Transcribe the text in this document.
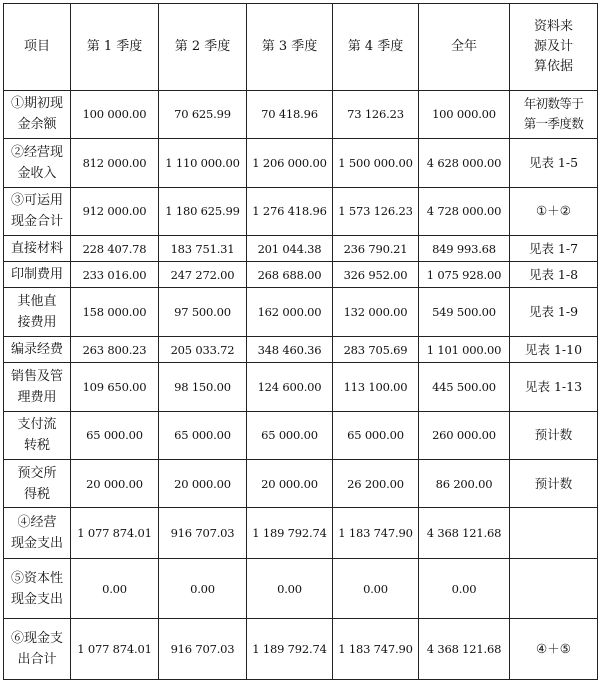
项目	第 1 季度	第 2 季度	第 3 季度	第 4 季度	全年	资料来
源及计
算依据
①期初现
金余额	100 000.00	70 625.99	70 418.96	73 126.23	100 000.00	年初数等于
第一季度数
②经营现
金收入	812 000.00	1 110 000.00	1 206 000.00	1 500 000.00	4 628 000.00	见表 1-5
③可运用
现金合计	912 000.00	1 180 625.99	1 276 418.96	1 573 126.23	4 728 000.00	①＋②
直接材料	228 407.78	183 751.31	201 044.38	236 790.21	849 993.68	见表 1-7
印制费用	233 016.00	247 272.00	268 688.00	326 952.00	1 075 928.00	见表 1-8
其他直
接费用	158 000.00	97 500.00	162 000.00	132 000.00	549 500.00	见表 1-9
编录经费	263 800.23	205 033.72	348 460.36	283 705.69	1 101 000.00	见表 1-10
销售及管
理费用	109 650.00	98 150.00	124 600.00	113 100.00	445 500.00	见表 1-13
支付流
转税	65 000.00	65 000.00	65 000.00	65 000.00	260 000.00	预计数
预交所
得税	20 000.00	20 000.00	20 000.00	26 200.00	86 200.00	预计数
④经营
现金支出	1 077 874.01	916 707.03	1 189 792.74	1 183 747.90	4 368 121.68	
⑤资本性
现金支出	0.00	0.00	0.00	0.00	0.00	
⑥现金支
出合计	1 077 874.01	916 707.03	1 189 792.74	1 183 747.90	4 368 121.68	④＋⑤
